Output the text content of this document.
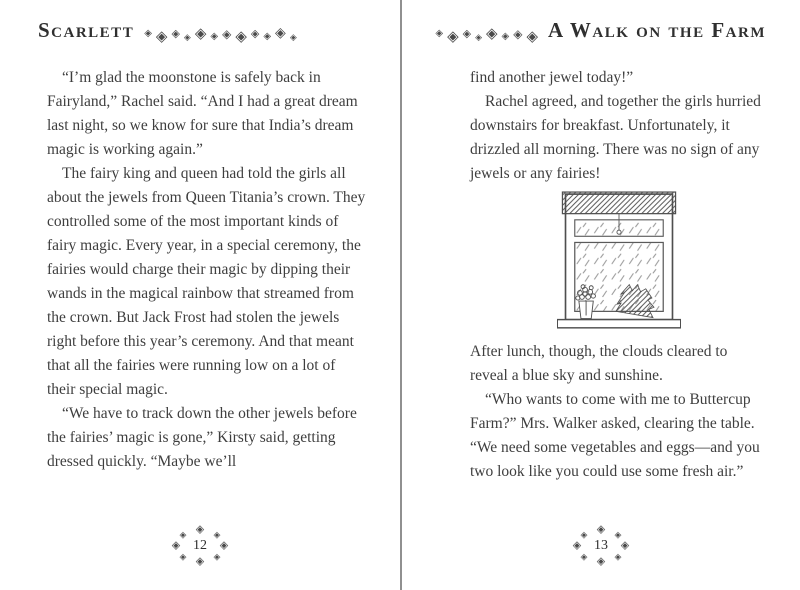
Scarlett ◈ ◈ ◈ ◈ ◈ ◈ ◈ ◈ ◈ ◈ ◈ ◈

“I’m glad the moonstone is safely back in Fairyland,” Rachel said. “And I had a great dream last night, so we know for sure that India’s dream magic is working again.”

The fairy king and queen had told the girls all about the jewels from Queen Titania’s crown. They controlled some of the most important kinds of fairy magic. Every year, in a special ceremony, the fairies would charge their magic by dipping their wands in the magical rainbow that streamed from the crown. But Jack Frost had stolen the jewels right before this year’s ceremony. And that meant that all the fairies were running low on a lot of their special magic.

“We have to track down the other jewels before the fairies’ magic is gone,” Kirsty said, getting dressed quickly. “Maybe we’ll

12
◈ ◈
◈
◈
◈
◈
◈
◈
◈ ◈ ◈ ◈ ◈ ◈ ◈ ◈ A Walk on the Farm

find another jewel today!”

Rachel agreed, and together the girls hurried downstairs for breakfast. Unfortunately, it drizzled all morning. There was no sign of any jewels or any fairies!

After lunch, though, the clouds cleared to reveal a blue sky and sunshine.

“Who wants to come with me to Buttercup Farm?” Mrs. Walker asked, clearing the table. “We need some vegetables and eggs—and you two look like you could use some fresh air.”

13
◈ ◈
◈
◈
◈
◈
◈
◈
